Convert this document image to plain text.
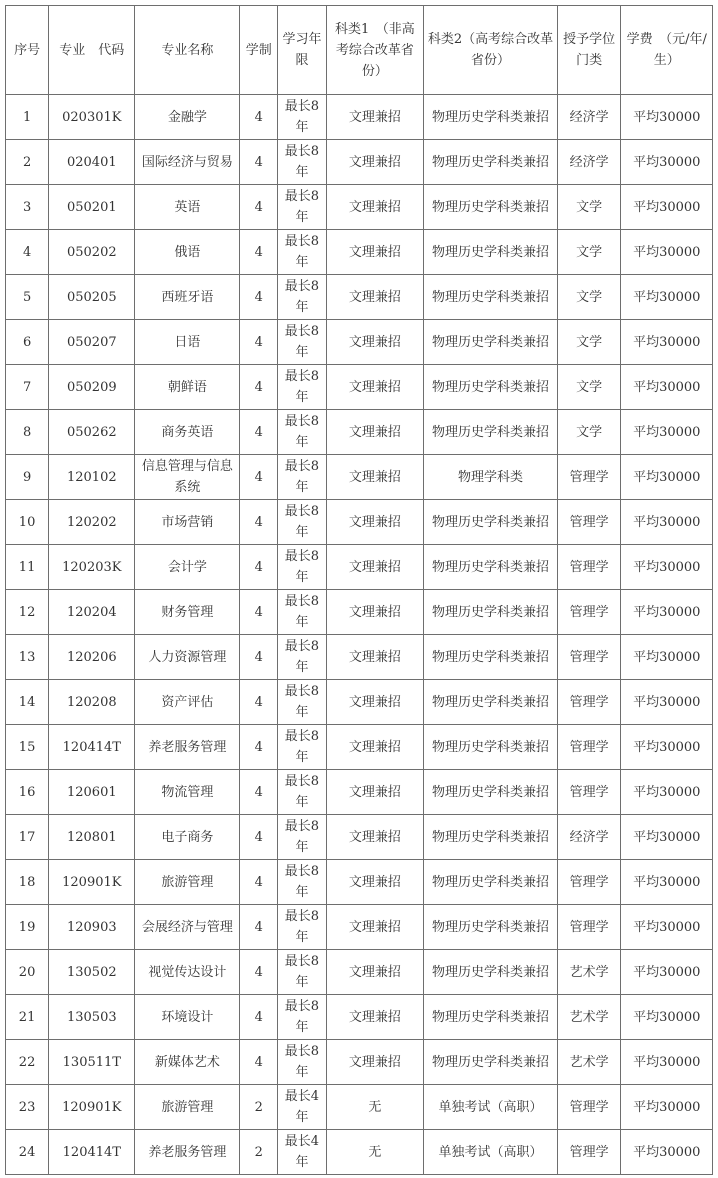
序号	专业　代码	专业名称	学制	学习年限	科类1　（非高考综合改革省份）	科类2（高考综合改革省份）	授予学位门类	学费　（元/年/生）
1	020301K	金融学	4	最长8年	文理兼招	物理历史学科类兼招	经济学	平均30000
2	020401	国际经济与贸易	4	最长8年	文理兼招	物理历史学科类兼招	经济学	平均30000
3	050201	英语	4	最长8年	文理兼招	物理历史学科类兼招	文学	平均30000
4	050202	俄语	4	最长8年	文理兼招	物理历史学科类兼招	文学	平均30000
5	050205	西班牙语	4	最长8年	文理兼招	物理历史学科类兼招	文学	平均30000
6	050207	日语	4	最长8年	文理兼招	物理历史学科类兼招	文学	平均30000
7	050209	朝鲜语	4	最长8年	文理兼招	物理历史学科类兼招	文学	平均30000
8	050262	商务英语	4	最长8年	文理兼招	物理历史学科类兼招	文学	平均30000
9	120102	信息管理与信息系统	4	最长8年	文理兼招	物理学科类	管理学	平均30000
10	120202	市场营销	4	最长8年	文理兼招	物理历史学科类兼招	管理学	平均30000
11	120203K	会计学	4	最长8年	文理兼招	物理历史学科类兼招	管理学	平均30000
12	120204	财务管理	4	最长8年	文理兼招	物理历史学科类兼招	管理学	平均30000
13	120206	人力资源管理	4	最长8年	文理兼招	物理历史学科类兼招	管理学	平均30000
14	120208	资产评估	4	最长8年	文理兼招	物理历史学科类兼招	管理学	平均30000
15	120414T	养老服务管理	4	最长8年	文理兼招	物理历史学科类兼招	管理学	平均30000
16	120601	物流管理	4	最长8年	文理兼招	物理历史学科类兼招	管理学	平均30000
17	120801	电子商务	4	最长8年	文理兼招	物理历史学科类兼招	经济学	平均30000
18	120901K	旅游管理	4	最长8年	文理兼招	物理历史学科类兼招	管理学	平均30000
19	120903	会展经济与管理	4	最长8年	文理兼招	物理历史学科类兼招	管理学	平均30000
20	130502	视觉传达设计	4	最长8年	文理兼招	物理历史学科类兼招	艺术学	平均30000
21	130503	环境设计	4	最长8年	文理兼招	物理历史学科类兼招	艺术学	平均30000
22	130511T	新媒体艺术	4	最长8年	文理兼招	物理历史学科类兼招	艺术学	平均30000
23	120901K	旅游管理	2	最长4年	无	单独考试（高职）	管理学	平均30000
24	120414T	养老服务管理	2	最长4年	无	单独考试（高职）	管理学	平均30000
